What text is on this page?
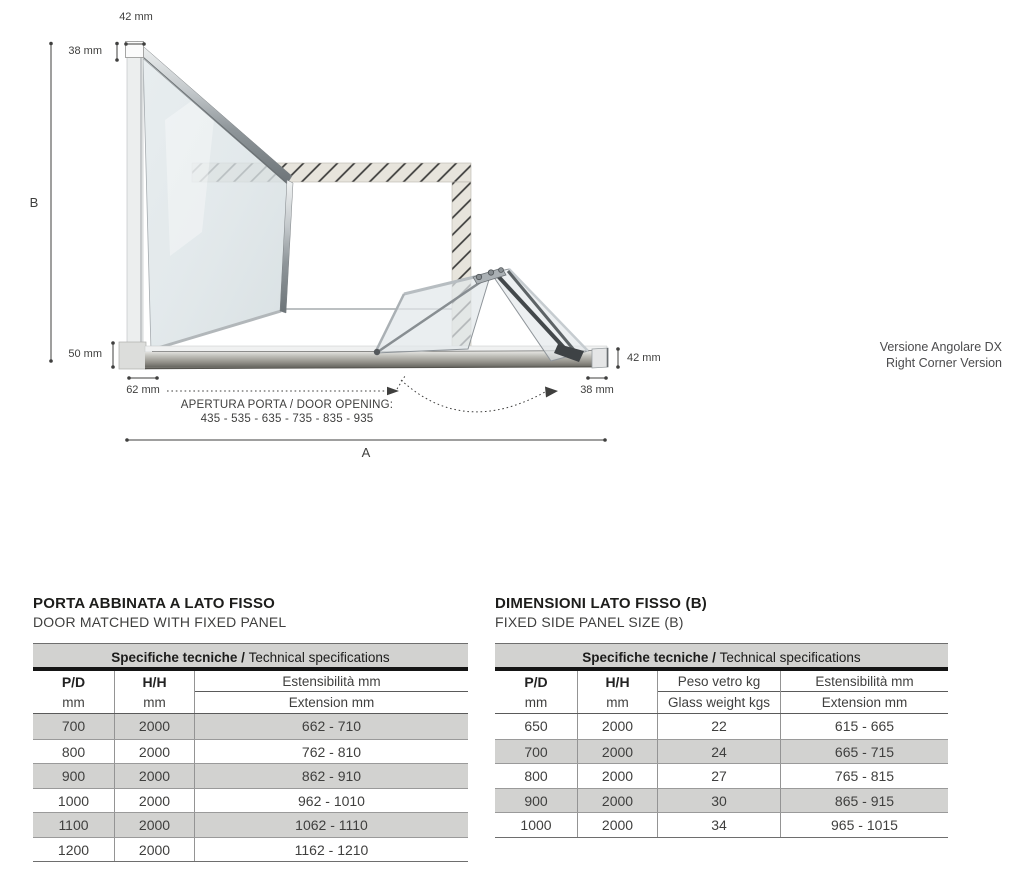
42 mm
38 mm
B
50 mm
62 mm
APERTURA PORTA / DOOR OPENING:
435 - 535 - 635 - 735 - 835 - 935
A
42 mm
38 mm
Versione Angolare DX
Right Corner Version
PORTA ABBINATA A LATO FISSO
DOOR MATCHED WITH FIXED PANEL
Specifiche tecniche / Technical specifications
P/D
mm
H/H
mm
Estensibilità mm
Extension mm
700	2000	662 - 710
800	2000	762 - 810
900	2000	862 - 910
1000	2000	962 - 1010
1100	2000	1062 - 1110
1200	2000	1162 - 1210
DIMENSIONI LATO FISSO (B)
FIXED SIDE PANEL SIZE (B)
Specifiche tecniche / Technical specifications
P/D
mm
H/H
mm
Peso vetro kg
Glass weight kgs
Estensibilità mm
Extension mm
650	2000	22	615 - 665
700	2000	24	665 - 715
800	2000	27	765 - 815
900	2000	30	865 - 915
1000	2000	34	965 - 1015
